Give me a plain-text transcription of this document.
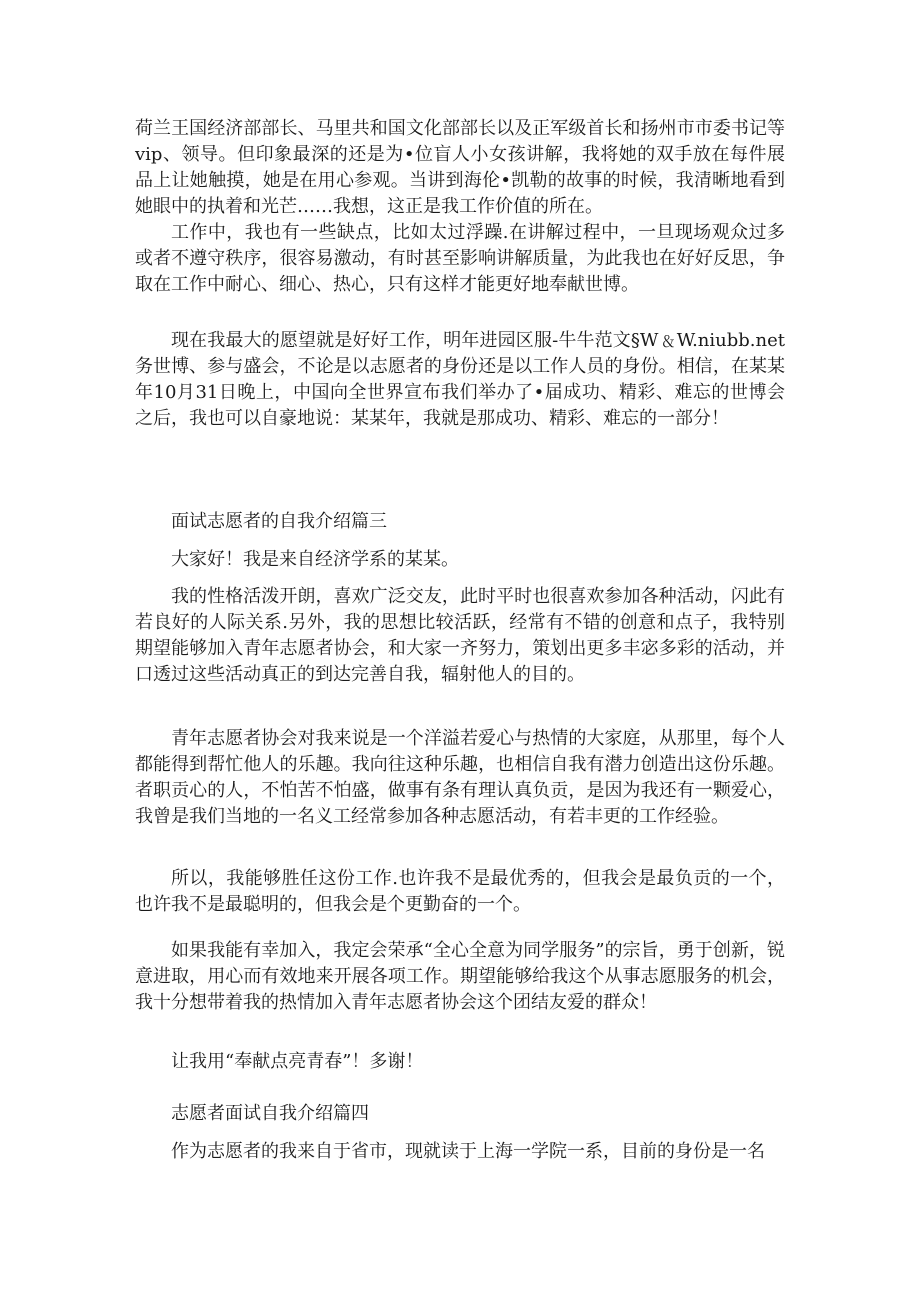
荷兰王国经济部部长、马里共和国文化部部长以及正军级首长和扬州市市委书记等vip、领导。但印象最深的还是为•位盲人小女孩讲解，我将她的双手放在每件展品上让她触摸，她是在用心参观。当讲到海伦•凯勒的故事的时候，我清晰地看到她眼中的执着和光芒……我想，这正是我工作价值的所在。

工作中，我也有一些缺点，比如太过浮躁.在讲解过程中，一旦现场观众过多或者不遵守秩序，很容易激动，有时甚至影响讲解质量，为此我也在好好反思，争取在工作中耐心、细心、热心，只有这样才能更好地奉献世博。

现在我最大的愿望就是好好工作，明年进园区服-牛牛范文§W﹠W.niubb.net务世博、参与盛会，不论是以志愿者的身份还是以工作人员的身份。相信，在某某年10月31日晚上，中国向全世界宣布我们举办了•届成功、精彩、难忘的世博会之后，我也可以自豪地说：某某年，我就是那成功、精彩、难忘的一部分！

面试志愿者的自我介绍篇三

大家好！我是来自经济学系的某某。

我的性格活泼开朗，喜欢广泛交友，此时平时也很喜欢参加各种活动，闪此有若良好的人际关系.另外，我的思想比较活跃，经常有不错的创意和点子，我特别期望能够加入青年志愿者协会，和大家一齐努力，策划出更多丰宓多彩的活动，并口透过这些活动真正的到达完善自我，辐射他人的目的。

青年志愿者协会对我来说是一个洋溢若爱心与热情的大家庭，从那里，每个人都能得到帮忙他人的乐趣。我向往这种乐趣，也相信自我有潜力创造出这份乐趣。者职贡心的人，不怕苦不怕盛，做事有条有理认真负贡，是因为我还有一颗爱心，我曾是我们当地的一名义工经常参加各种志愿活动，有若丰更的工作经验。

所以，我能够胜任这份工作.也许我不是最优秀的，但我会是最负贡的一个，也许我不是最聪明的，但我会是个更勤奋的一个。

如果我能有幸加入，我定会荣承“全心全意为同学服务”的宗旨，勇于创新，锐意进取，用心而有效地来开展各项工作。期望能够给我这个从事志愿服务的机会，我十分想带着我的热情加入青年志愿者协会这个团结友爱的群众！

让我用“奉献点亮青春”！多谢！

志愿者面试自我介绍篇四

作为志愿者的我来自于省市，现就读于上海一学院一系，目前的身份是一名
